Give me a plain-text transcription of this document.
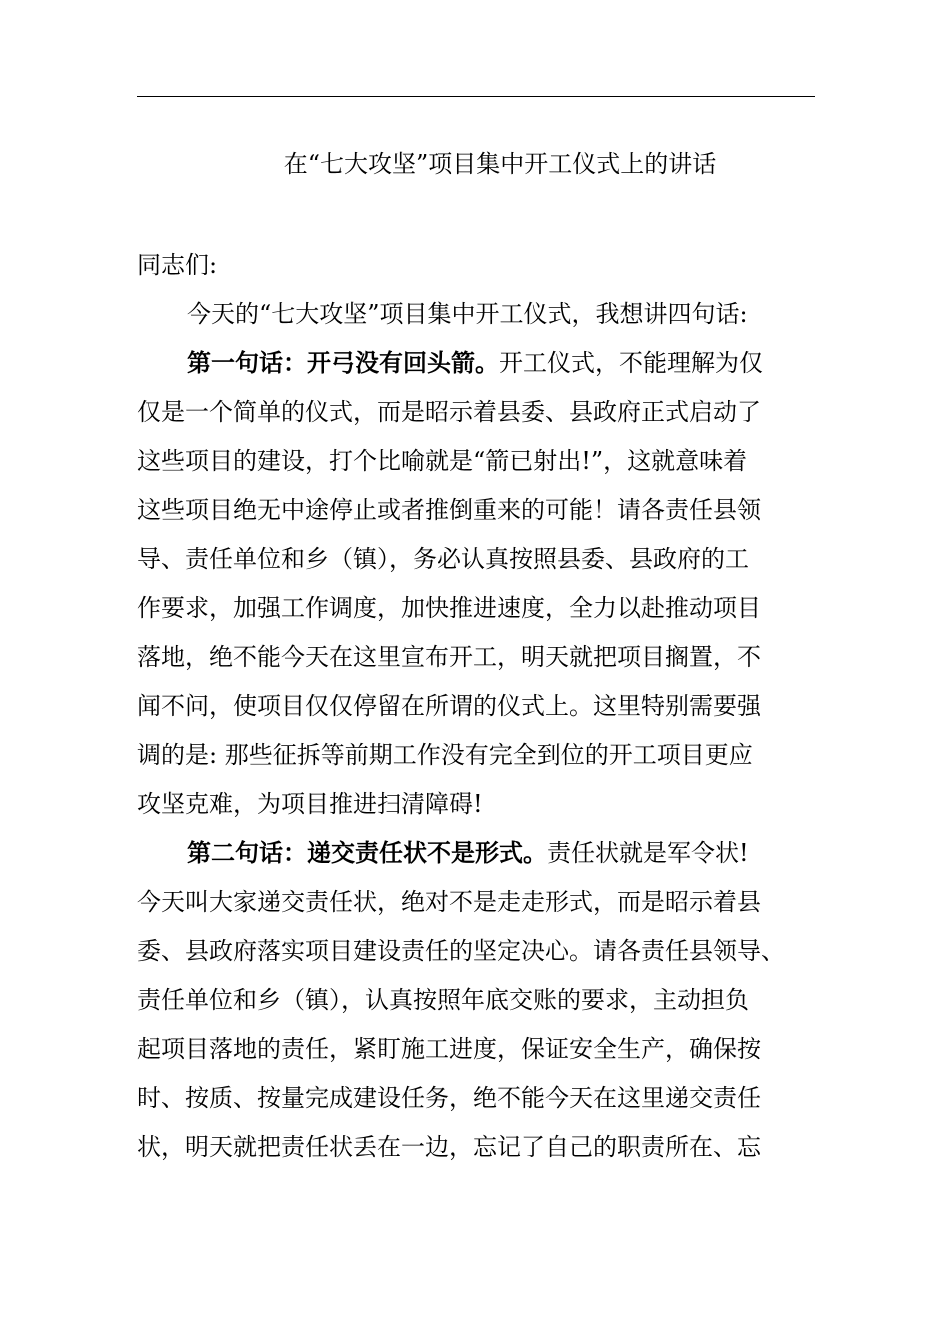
在“七大攻坚”项目集中开工仪式上的讲话
同志们:
今天的“七大攻坚”项目集中开工仪式，我想讲四句话:
第一句话：开弓没有回头箭。开工仪式，不能理解为仅
仅是一个简单的仪式，而是昭示着县委、县政府正式启动了
这些项目的建设，打个比喻就是“箭已射出!”，这就意味着
这些项目绝无中途停止或者推倒重来的可能！请各责任县领
导、责任单位和乡（镇），务必认真按照县委、县政府的工
作要求，加强工作调度，加快推进速度，全力以赴推动项目
落地，绝不能今天在这里宣布开工，明天就把项目搁置，不
闻不问，使项目仅仅停留在所谓的仪式上。这里特别需要强
调的是: 那些征拆等前期工作没有完全到位的开工项目更应
攻坚克难，为项目推进扫清障碍!
第二句话：递交责任状不是形式。责任状就是军令状!
今天叫大家递交责任状，绝对不是走走形式，而是昭示着县
委、县政府落实项目建设责任的坚定决心。请各责任县领导、
责任单位和乡（镇），认真按照年底交账的要求，主动担负
起项目落地的责任，紧盯施工进度，保证安全生产，确保按
时、按质、按量完成建设任务，绝不能今天在这里递交责任
状，明天就把责任状丢在一边，忘记了自己的职责所在、忘
